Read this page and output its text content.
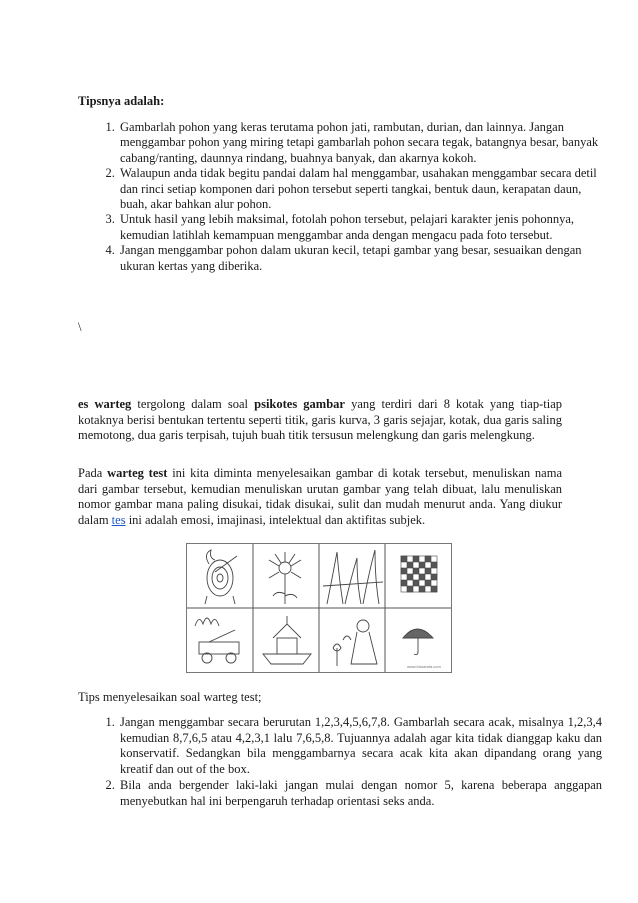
Tipsnya adalah:
1. Gambarlah pohon yang keras terutama pohon jati, rambutan, durian, dan lainnya. Jangan menggambar pohon yang miring tetapi gambarlah pohon secara tegak, batangnya besar, banyak cabang/ranting, daunnya rindang, buahnya banyak, dan akarnya kokoh.
2. Walaupun anda tidak begitu pandai dalam hal menggambar, usahakan menggambar secara detil dan rinci setiap komponen dari pohon tersebut seperti tangkai, bentuk daun, kerapatan daun, buah, akar bahkan alur pohon.
3. Untuk hasil yang lebih maksimal, fotolah pohon tersebut, pelajari karakter jenis pohonnya, kemudian latihlah kemampuan menggambar anda dengan mengacu pada foto tersebut.
4. Jangan menggambar pohon dalam ukuran kecil, tetapi gambar yang besar, sesuaikan dengan ukuran kertas yang diberika.
\

es warteg tergolong dalam soal psikotes gambar yang terdiri dari 8 kotak yang tiap-tiap kotaknya berisi bentukan tertentu seperti titik, garis kurva, 3 garis sejajar, kotak, dua garis saling memotong, dua garis terpisah, tujuh buah titik tersusun melengkung dan garis melengkung.

Pada warteg test ini kita diminta menyelesaikan gambar di kotak tersebut, menuliskan nama dari gambar tersebut, kemudian menuliskan urutan gambar yang telah dibuat, lalu menuliskan nomor gambar mana paling disukai, tidak disukai, sulit dan mudah menurut anda. Yang diukur dalam tes ini adalah emosi, imajinasi, intelektual dan aktifitas subjek.

www.fotoanda.com
Tips menyelesaikan soal warteg test;
1. Jangan menggambar secara berurutan 1,2,3,4,5,6,7,8. Gambarlah secara acak, misalnya 1,2,3,4 kemudian 8,7,6,5 atau 4,2,3,1 lalu 7,6,5,8. Tujuannya adalah agar kita tidak dianggap kaku dan konservatif. Sedangkan bila menggambarnya secara acak kita akan dipandang orang yang kreatif dan out of the box.
2. Bila anda bergender laki-laki jangan mulai dengan nomor 5, karena beberapa anggapan menyebutkan hal ini berpengaruh terhadap orientasi seks anda.
